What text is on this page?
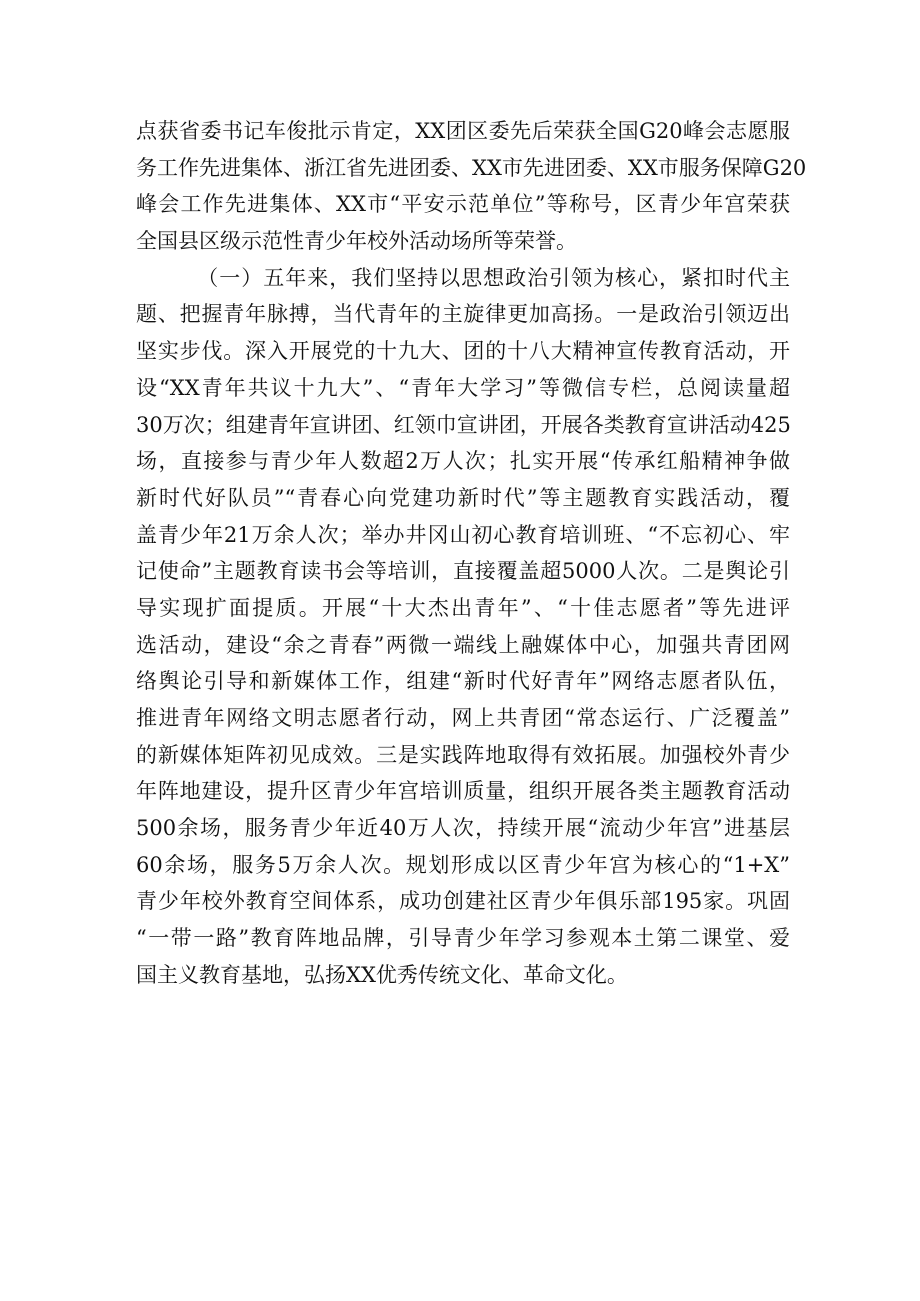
点获省委书记车俊批示肯定，XX团区委先后荣获全国G20峰会志愿服
务工作先进集体、浙江省先进团委、XX市先进团委、XX市服务保障G20
峰会工作先进集体、XX市“平安示范单位”等称号，区青少年宫荣获
全国县区级示范性青少年校外活动场所等荣誉。
（一）五年来，我们坚持以思想政治引领为核心，紧扣时代主
题、把握青年脉搏，当代青年的主旋律更加高扬。一是政治引领迈出
坚实步伐。深入开展党的十九大、团的十八大精神宣传教育活动，开
设“XX青年共议十九大”、“青年大学习”等微信专栏，总阅读量超
30万次；组建青年宣讲团、红领巾宣讲团，开展各类教育宣讲活动425
场，直接参与青少年人数超2万人次；扎实开展“传承红船精神争做
新时代好队员”“青春心向党建功新时代”等主题教育实践活动，覆
盖青少年21万余人次；举办井冈山初心教育培训班、“不忘初心、牢
记使命”主题教育读书会等培训，直接覆盖超5000人次。二是舆论引
导实现扩面提质。开展“十大杰出青年”、“十佳志愿者”等先进评
选活动，建设“余之青春”两微一端线上融媒体中心，加强共青团网
络舆论引导和新媒体工作，组建“新时代好青年”网络志愿者队伍，
推进青年网络文明志愿者行动，网上共青团“常态运行、广泛覆盖”
的新媒体矩阵初见成效。三是实践阵地取得有效拓展。加强校外青少
年阵地建设，提升区青少年宫培训质量，组织开展各类主题教育活动
500余场，服务青少年近40万人次，持续开展“流动少年宫”进基层
60余场，服务5万余人次。规划形成以区青少年宫为核心的“1+X”
青少年校外教育空间体系，成功创建社区青少年俱乐部195家。巩固
“一带一路”教育阵地品牌，引导青少年学习参观本土第二课堂、爱
国主义教育基地，弘扬XX优秀传统文化、革命文化。
